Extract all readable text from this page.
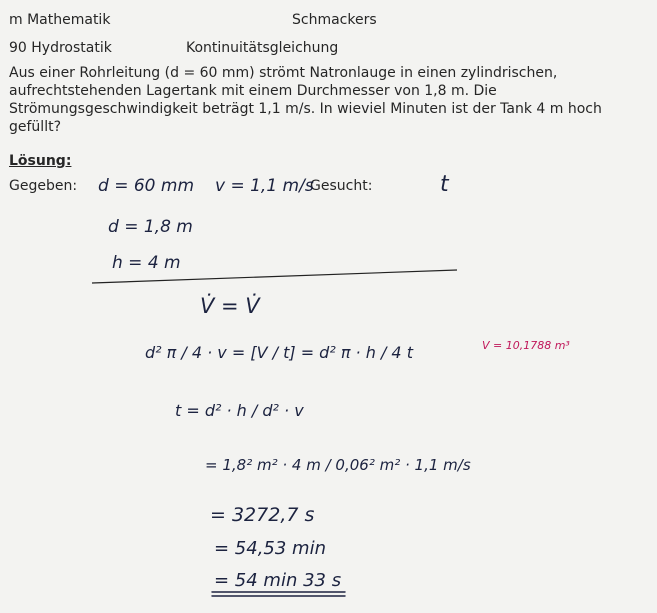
m Mathematik	Schmackers
90 Hydrostatik	Kontinuitätsgleichung
Aus einer Rohrleitung (d = 60 mm) strömt Natronlauge in einen zylindrischen, aufrechtstehenden Lagertank mit einem Durchmesser von 1,8 m. Die Strömungsgeschwindigkeit beträgt 1,1 m/s. In wieviel Minuten ist der Tank 4 m hoch gefüllt?
Lösung:
Gegeben:	Gesucht:
d = 60 mm v = 1,1 m/s	t
d = 1,8 m
h = 4 m
V̇ = V̇
d² π / 4 · v = [V / t] = d² π · h / 4 t	V = 10,1788 m³
t = d² · h / d² · v
= 1,8² m² · 4 m / 0,06² m² · 1,1 m/s
= 3272,7 s
= 54,53 min
= 54 min 33 s
